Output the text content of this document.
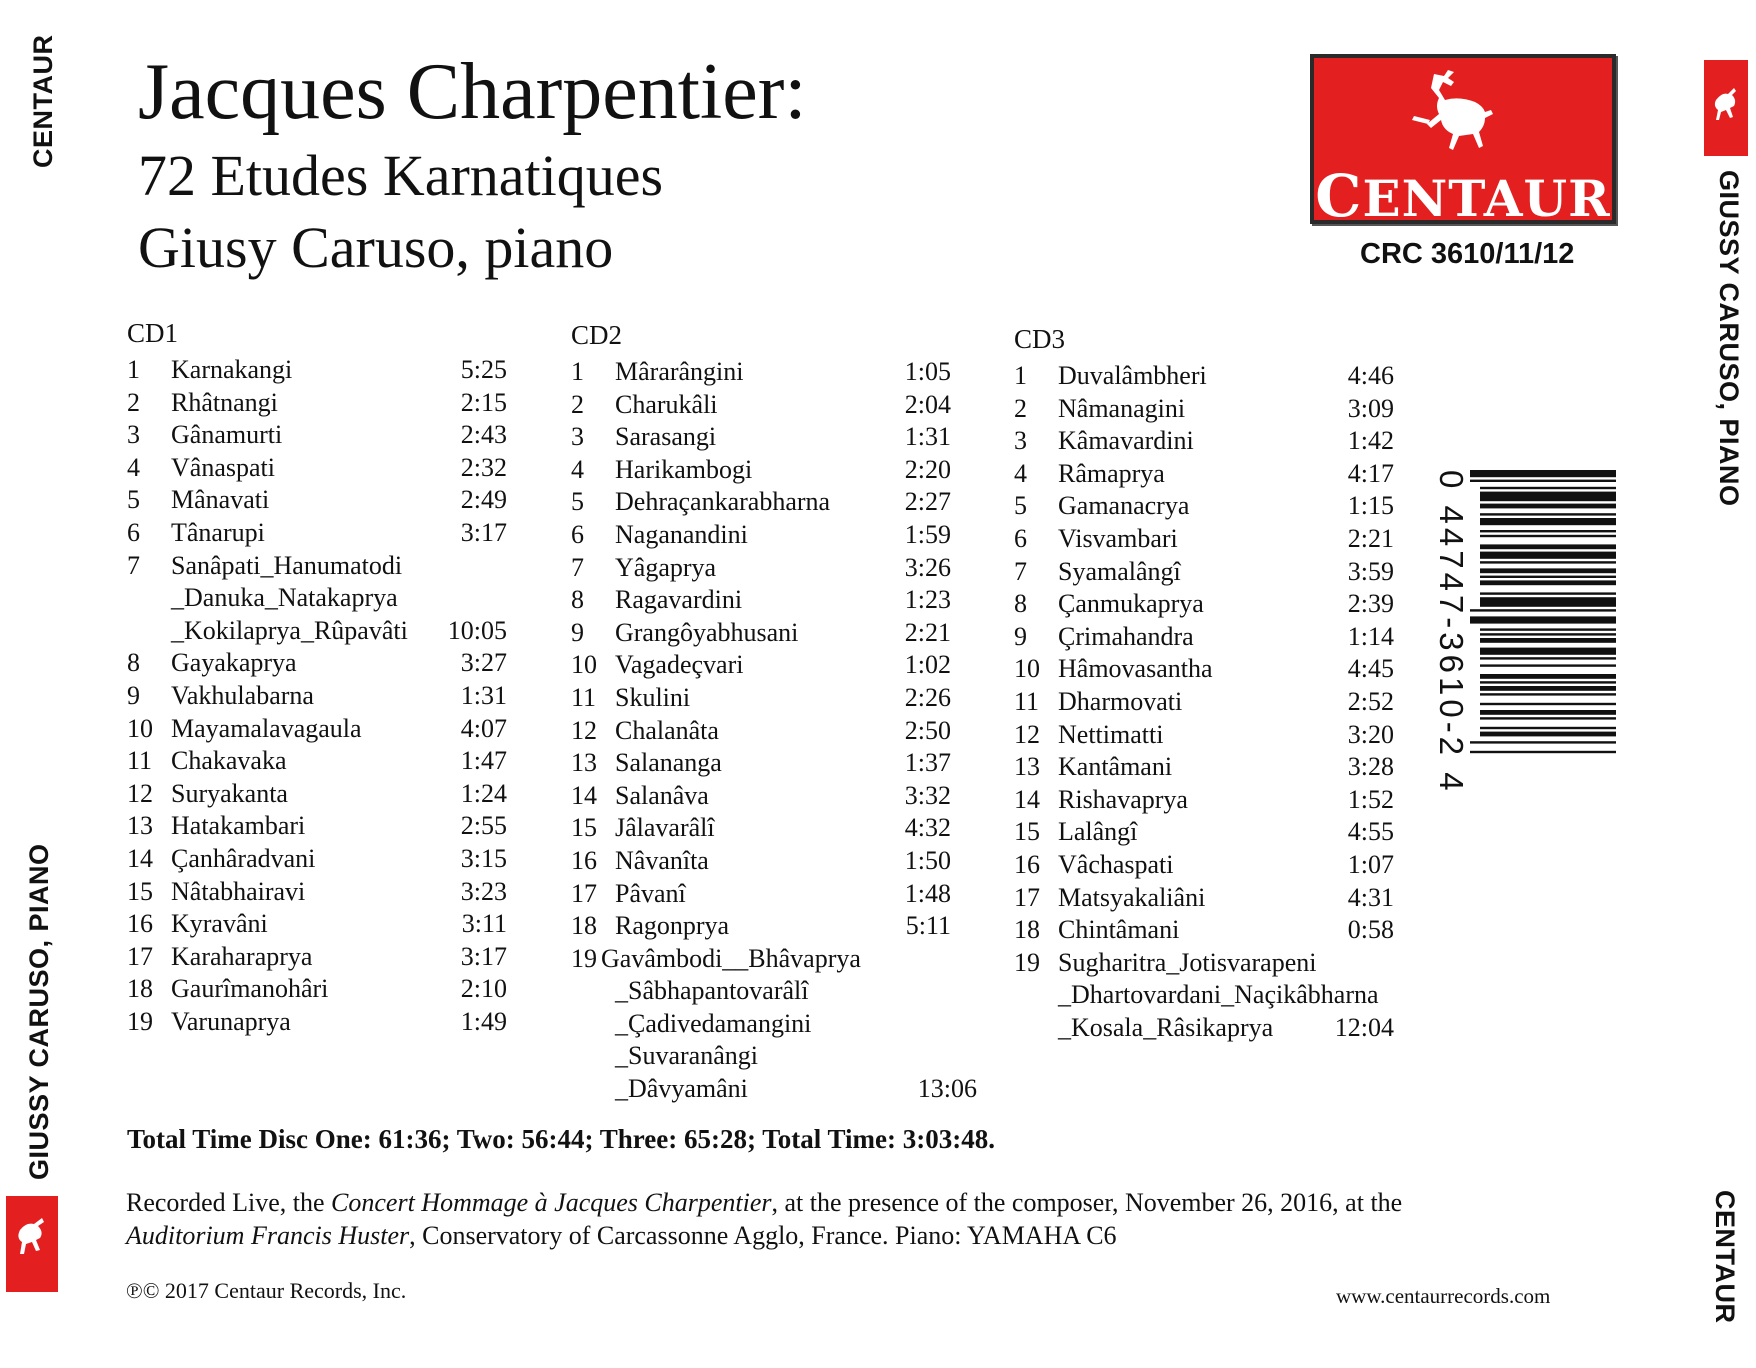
CENTAUR
GIUSSY CARUSO, PIANO
GIUSSY CARUSO, PIANO
CENTAUR
Jacques Charpentier:
72 Etudes Karnatiques
Giusy Caruso, piano
CENTAUR
CRC 3610/11/12
CD1
1 Karnakangi	5:25
2 Rhâtnangi	2:15
3 Gânamurti	2:43
4 Vânaspati	2:32
5 Mânavati	2:49
6 Tânarupi	3:17
7 Sanâpati_Hanumatodi
_Danuka_Natakaprya
_Kokilaprya_Rûpavâti 10:05
8 Gayakaprya	3:27
9 Vakhulabarna	1:31
10 Mayamalavagaula	4:07
11 Chakavaka	1:47
12 Suryakanta	1:24
13 Hatakambari	2:55
14 Çanhâradvani	3:15
15 Nâtabhairavi	3:23
16 Kyravâni	3:11
17 Karaharaprya	3:17
18 Gaurîmanohâri	2:10
19 Varunaprya	1:49
CD2
1 Mârarângini	1:05
2 Charukâli	2:04
3 Sarasangi	1:31
4 Harikambogi	2:20
5 Dehraçankarabharna	2:27
6 Naganandini	1:59
7 Yâgaprya	3:26
8 Ragavardini	1:23
9 Grangôyabhusani	2:21
10 Vagadeçvari	1:02
11 Skulini	2:26
12 Chalanâta	2:50
13 Salananga	1:37
14 Salanâva	3:32
15 Jâlavarâlî	4:32
16 Nâvanîta	1:50
17 Pâvanî	1:48
18 Ragonprya	5:11
19 Gavâmbodi__Bhâvaprya
_Sâbhapantovarâlî
_Çadivedamangini
_Suvaranângi
_Dâvyamâni	13:06
CD3
1 Duvalâmbheri	4:46
2 Nâmanagini	3:09
3 Kâmavardini	1:42
4 Râmaprya	4:17
5 Gamanacrya	1:15
6 Visvambari	2:21
7 Syamalângî	3:59
8 Çanmukaprya	2:39
9 Çrimahandra	1:14
10 Hâmovasantha	4:45
11 Dharmovati	2:52
12 Nettimatti	3:20
13 Kantâmani	3:28
14 Rishavaprya	1:52
15 Lalângî	4:55
16 Vâchaspati	1:07
17 Matsyakaliâni	4:31
18 Chintâmani	0:58
19 Sugharitra_Jotisvarapeni
_Dhartovardani_Naçikâbharna
_Kosala_Râsikaprya 12:04
0 44747-3610-2 4
Total Time Disc One: 61:36; Two: 56:44; Three: 65:28; Total Time: 3:03:48.
Recorded Live, the Concert Hommage à Jacques Charpentier, at the presence of the composer, November 26, 2016, at the Auditorium Francis Huster, Conservatory of Carcassonne Agglo, France. Piano: YAMAHA C6
℗© 2017 Centaur Records, Inc.	www.centaurrecords.com
